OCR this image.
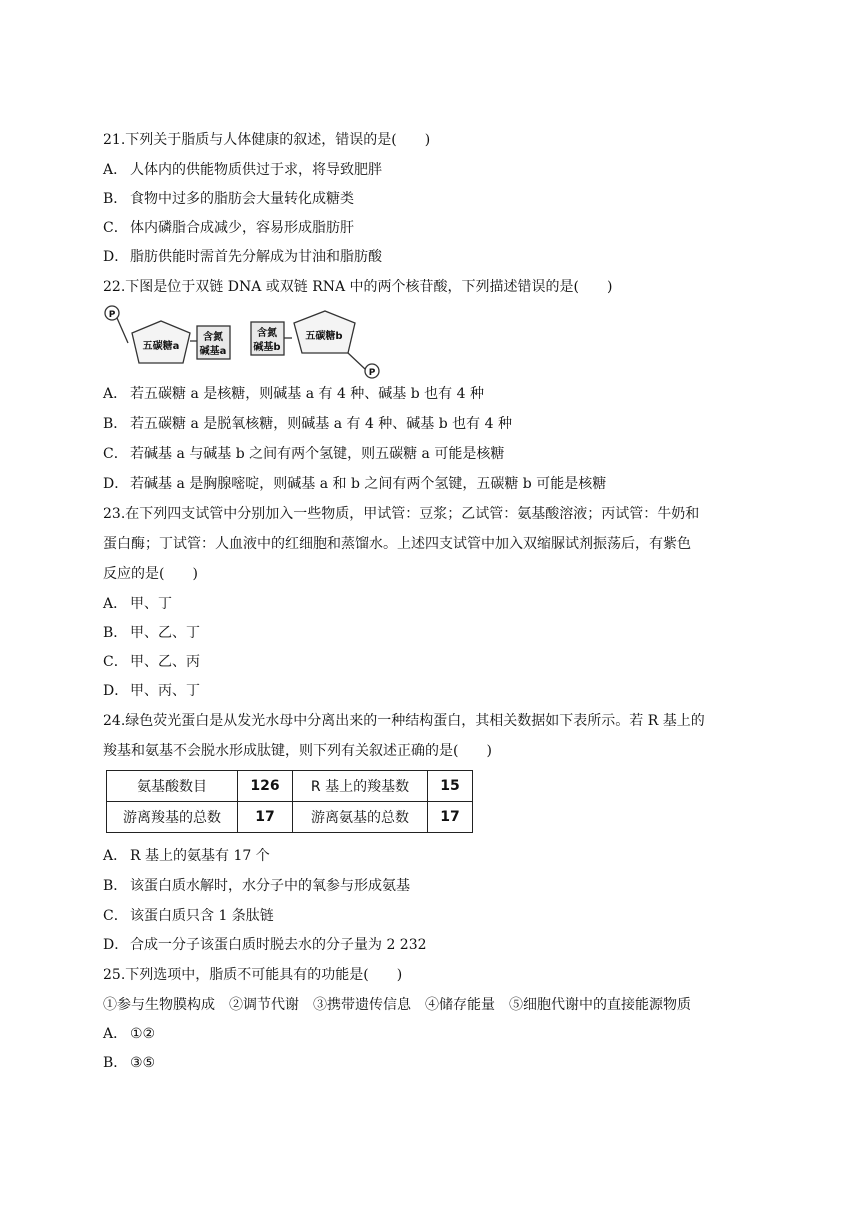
21.下列关于脂质与人体健康的叙述，错误的是(　　)
A． 人体内的供能物质供过于求，将导致肥胖
B． 食物中过多的脂肪会大量转化成糖类
C． 体内磷脂合成减少，容易形成脂肪肝
D． 脂肪供能时需首先分解成为甘油和脂肪酸
22.下图是位于双链 DNA 或双链 RNA 中的两个核苷酸，下列描述错误的是(　　)
P
五碳糖a
含氮
碱基a
含氮
碱基b
五碳糖b
P
A． 若五碳糖 a 是核糖，则碱基 a 有 4 种、碱基 b 也有 4 种
B． 若五碳糖 a 是脱氧核糖，则碱基 a 有 4 种、碱基 b 也有 4 种
C． 若碱基 a 与碱基 b 之间有两个氢键，则五碳糖 a 可能是核糖
D． 若碱基 a 是胸腺嘧啶，则碱基 a 和 b 之间有两个氢键，五碳糖 b 可能是核糖
23.在下列四支试管中分别加入一些物质，甲试管：豆浆；乙试管：氨基酸溶液；丙试管：牛奶和
蛋白酶；丁试管：人血液中的红细胞和蒸馏水。上述四支试管中加入双缩脲试剂振荡后，有紫色
反应的是(　　)
A． 甲、丁
B． 甲、乙、丁
C． 甲、乙、丙
D． 甲、丙、丁
24.绿色荧光蛋白是从发光水母中分离出来的一种结构蛋白，其相关数据如下表所示。若 R 基上的
羧基和氨基不会脱水形成肽键，则下列有关叙述正确的是(　　)
氨基酸数目	126	R 基上的羧基数	15
游离羧基的总数	17	游离氨基的总数	17
A． R 基上的氨基有 17 个
B． 该蛋白质水解时，水分子中的氧参与形成氨基
C． 该蛋白质只含 1 条肽链
D． 合成一分子该蛋白质时脱去水的分子量为 2 232
25.下列选项中，脂质不可能具有的功能是(　　)
①参与生物膜构成　②调节代谢　③携带遗传信息　④储存能量　⑤细胞代谢中的直接能源物质
A． ①②
B． ③⑤
